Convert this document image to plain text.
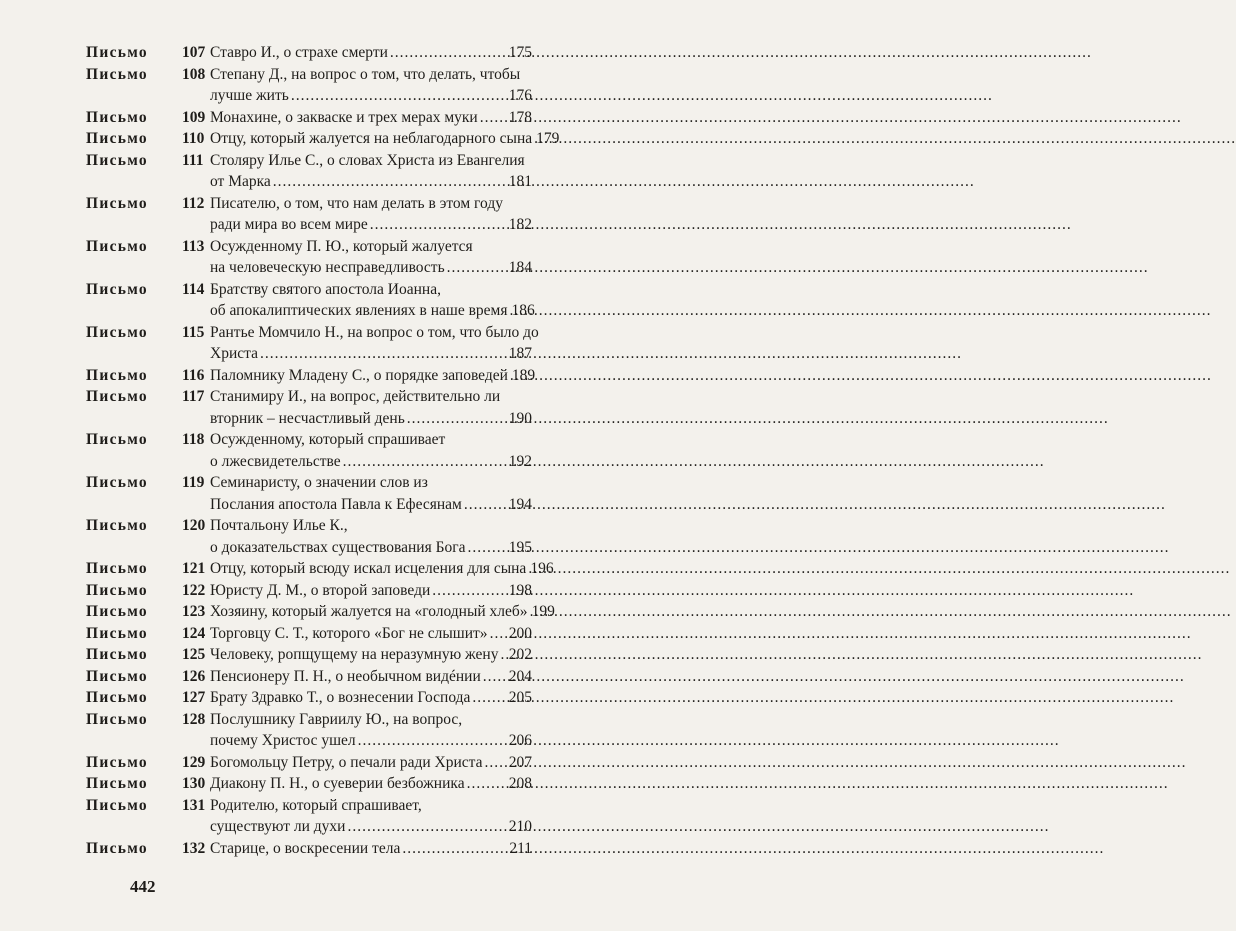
Письмо	107 Ставро И., о страхе смерти .....	175
Письмо	108 Степану Д., на вопрос о том, что делать, чтобы
лучше жить .....	176
Письмо	109 Монахине, о закваске и трех мерах муки ..... 178
Письмо	110 Отцу, который жалуется на неблагодарного сына 179
Письмо	111 Столяру Илье С., о словах Христа из Евангелия
от Марка .....	181
Письмо	112 Писателю, о том, что нам делать в этом году
ради мира во всем мире .....	182
Письмо	113 Осужденному П. Ю., который жалуется
на человеческую несправедливость .....	184
Письмо	114 Братству святого апостола Иоанна,
об апокалиптических явлениях в наше время 186
Письмо	115 Рантье Момчило Н., на вопрос о том, что было до
Христа .....	187
Письмо	116 Паломнику Младену С., о порядке заповедей 189
Письмо	117 Станимиру И., на вопрос, действительно ли
вторник – несчастливый день .....	190
Письмо	118 Осужденному, который спрашивает
о лжесвидетельстве .....	192
Письмо	119 Семинаристу, о значении слов из
Послания апостола Павла к Ефесянам .....	194
Письмо	120 Почтальону Илье К.,
о доказательствах существования Бога .....	195
Письмо	121 Отцу, который всюду искал исцеления для сына 196
Письмо	122 Юристу Д. М., о второй заповеди .....	198
Письмо	123 Хозяину, который жалуется на «голодный хлеб» 199
Письмо	124 Торговцу С. Т., которого «Бог не слышит» ..... 200
Письмо	125 Человеку, ропщущему на неразумную жену ..... 202
Письмо	126 Пенсионеру П. Н., о необычном видéнии ..... 204
Письмо	127 Брату Здравко Т., о вознесении Господа ..... 205
Письмо	128 Послушнику Гавриилу Ю., на вопрос,
почему Христос ушел .....	206
Письмо	129 Богомольцу Петру, о печали ради Христа ..... 207
Письмо	130 Диакону П. Н., о суеверии безбожника .....	208
Письмо	131 Родителю, который спрашивает,
существуют ли духи .....	210
Письмо	132 Старице, о воскресении тела .....	211
442
